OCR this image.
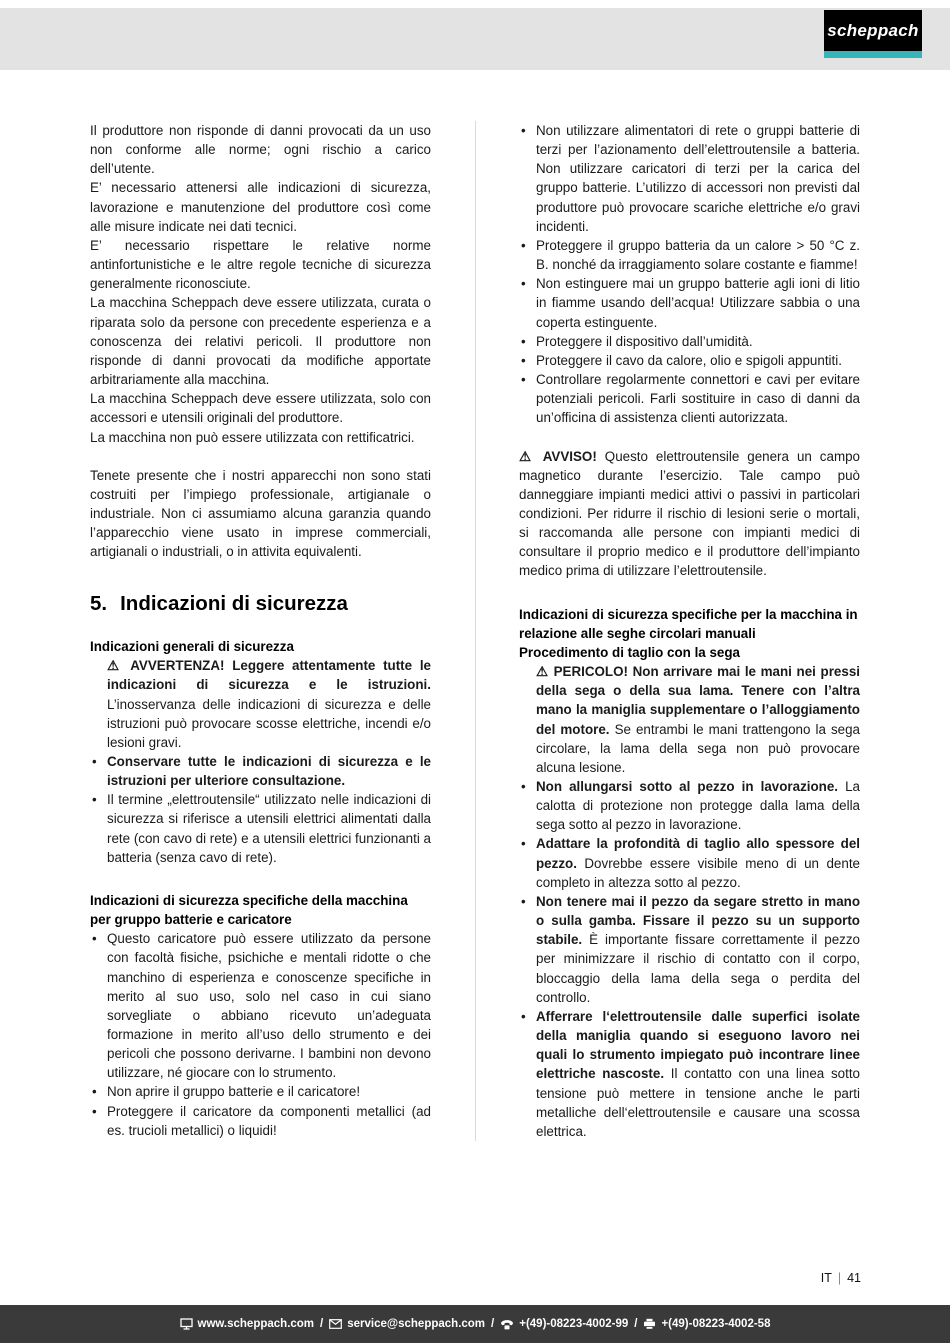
scheppach

Il produttore non risponde di danni provocati da un uso non conforme alle norme; ogni rischio a carico dell’utente.

E’ necessario attenersi alle indicazioni di sicurezza, lavorazione e manutenzione del produttore così come alle misure indicate nei dati tecnici.

E’ necessario rispettare le relative norme antinfortunistiche e le altre regole tecniche di sicurezza generalmente riconosciute.

La macchina Scheppach deve essere utilizzata, curata o riparata solo da persone con precedente esperienza e a conoscenza dei relativi pericoli. Il produttore non risponde di danni provocati da modifiche apportate arbitrariamente alla macchina.

La macchina Scheppach deve essere utilizzata, solo con accessori e utensili originali del produttore.

La macchina non può essere utilizzata con rettificatrici.

Tenete presente che i nostri apparecchi non sono stati costruiti per l’impiego professionale, artigianale o industriale. Non ci assumiamo alcuna garanzia quando l’apparecchio viene usato in imprese commerciali, artigianali o industriali, o in attivita equivalenti.

5. Indicazioni di sicurezza
Indicazioni generali di sicurezza

⚠ AVVERTENZA! Leggere attentamente tutte le indicazioni di sicurezza e le istruzioni. L’inosservanza delle indicazioni di sicurezza e delle istruzioni può provocare scosse elettriche, incendi e/o lesioni gravi.

• Conservare tutte le indicazioni di sicurezza e le istruzioni per ulteriore consultazione.
• Il termine „elettroutensile“ utilizzato nelle indicazioni di sicurezza si riferisce a utensili elettrici alimentati dalla rete (con cavo di rete) e a utensili elettrici funzionanti a batteria (senza cavo di rete).
Indicazioni di sicurezza specifiche della macchina per gruppo batterie e caricatore
• Questo caricatore può essere utilizzato da persone con facoltà fisiche, psichiche e mentali ridotte o che manchino di esperienza e conoscenze specifiche in merito al suo uso, solo nel caso in cui siano sorvegliate o abbiano ricevuto un’adeguata formazione in merito all’uso dello strumento e dei pericoli che possono derivarne. I bambini non devono utilizzare, né giocare con lo strumento.
• Non aprire il gruppo batterie e il caricatore!
• Proteggere il caricatore da componenti metallici (ad es. trucioli metallici) o liquidi!
• Non utilizzare alimentatori di rete o gruppi batterie di terzi per l’azionamento dell’elettroutensile a batteria. Non utilizzare caricatori di terzi per la carica del gruppo batterie. L’utilizzo di accessori non previsti dal produttore può provocare scariche elettriche e/o gravi incidenti.
• Proteggere il gruppo batteria da un calore > 50 °C z. B. nonché da irraggiamento solare costante e fiamme!
• Non estinguere mai un gruppo batterie agli ioni di litio in fiamme usando dell’acqua! Utilizzare sabbia o una coperta estinguente.
• Proteggere il dispositivo dall’umidità.
• Proteggere il cavo da calore, olio e spigoli appuntiti.
• Controllare regolarmente connettori e cavi per evitare potenziali pericoli. Farli sostituire in caso di danni da un’officina di assistenza clienti autorizzata.

⚠ AVVISO! Questo elettroutensile genera un campo magnetico durante l’esercizio. Tale campo può danneggiare impianti medici attivi o passivi in particolari condizioni. Per ridurre il rischio di lesioni serie o mortali, si raccomanda alle persone con impianti medici di consultare il proprio medico e il produttore dell’impianto medico prima di utilizzare l’elettroutensile.

Indicazioni di sicurezza specifiche per la macchina in relazione alle seghe circolari manuali
Procedimento di taglio con la sega

⚠ PERICOLO! Non arrivare mai le mani nei pressi della sega o della sua lama. Tenere con l’altra mano la maniglia supplementare o l’alloggiamento del motore. Se entrambi le mani trattengono la sega circolare, la lama della sega non può provocare alcuna lesione.

• Non allungarsi sotto al pezzo in lavorazione. La calotta di protezione non protegge dalla lama della sega sotto al pezzo in lavorazione.
• Adattare la profondità di taglio allo spessore del pezzo. Dovrebbe essere visibile meno di un dente completo in altezza sotto al pezzo.
• Non tenere mai il pezzo da segare stretto in mano o sulla gamba. Fissare il pezzo su un supporto stabile. È importante fissare correttamente il pezzo per minimizzare il rischio di contatto con il corpo, bloccaggio della lama della sega o perdita del controllo.
• Afferrare l‘elettroutensile dalle superfici isolate della maniglia quando si eseguono lavoro nei quali lo strumento impiegato può incontrare linee elettriche nascoste. Il contatto con una linea sotto tensione può mettere in tensione anche le parti metalliche dell‘elettroutensile e causare una scossa elettrica.
IT | 41
www.scheppach.com / service@scheppach.com / +(49)-08223-4002-99 / +(49)-08223-4002-58
